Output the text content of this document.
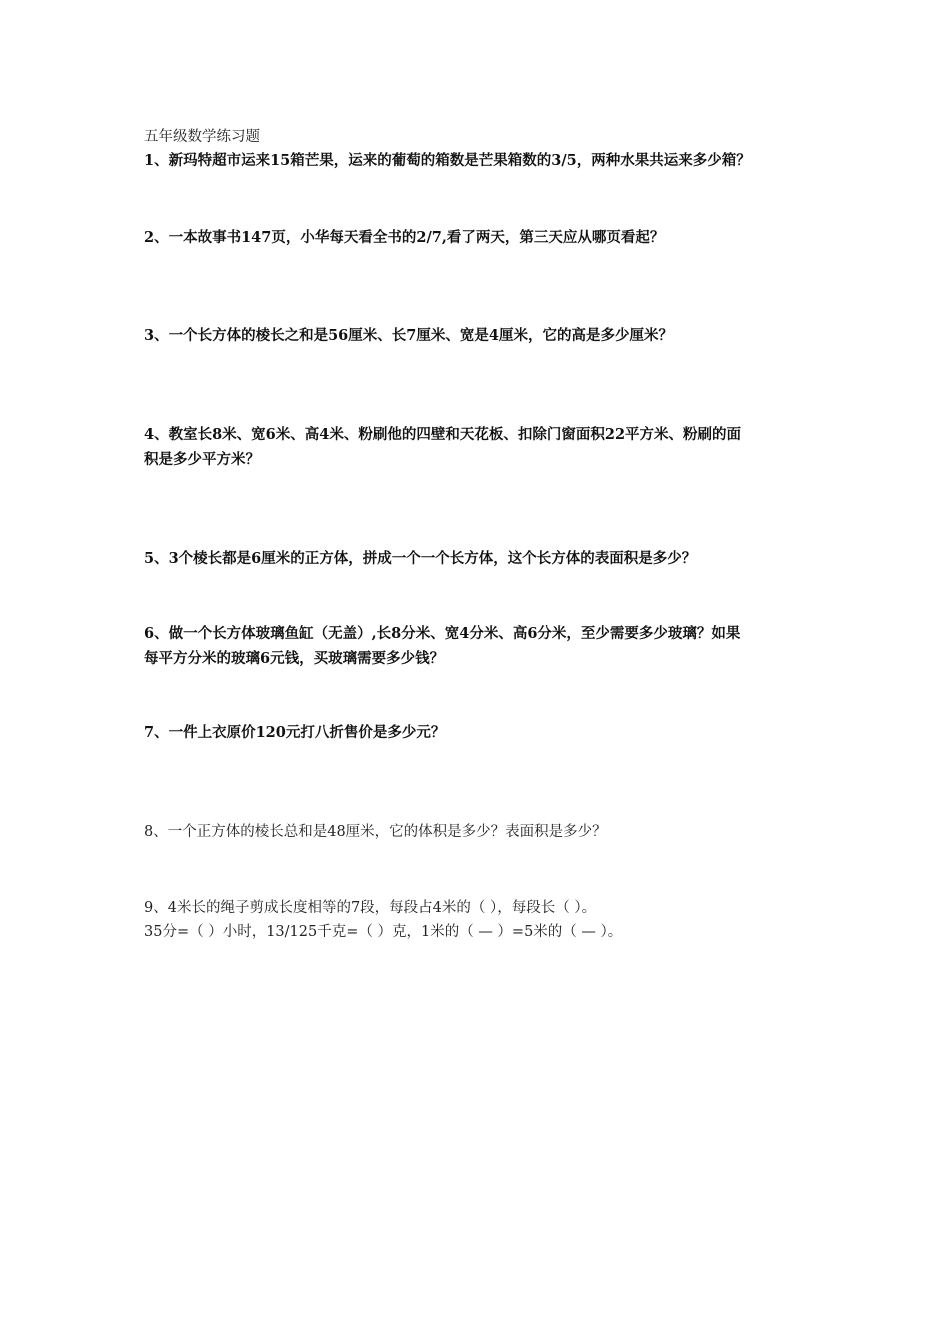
五年级数学练习题
1、新玛特超市运来15箱芒果，运来的葡萄的箱数是芒果箱数的3/5，两种水果共运来多少箱？
2、一本故事书147页，小华每天看全书的2/7,看了两天，第三天应从哪页看起？
3、一个长方体的棱长之和是56厘米、长7厘米、宽是4厘米，它的高是多少厘米？
4、教室长8米、宽6米、高4米、粉刷他的四壁和天花板、扣除门窗面积22平方米、粉刷的面
积是多少平方米？
5、3个棱长都是6厘米的正方体，拼成一个一个长方体，这个长方体的表面积是多少？
6、做一个长方体玻璃鱼缸（无盖）,长8分米、宽4分米、高6分米，至少需要多少玻璃？如果
每平方分米的玻璃6元钱，买玻璃需要多少钱？
7、一件上衣原价120元打八折售价是多少元？
8、一个正方体的棱长总和是48厘米，它的体积是多少？表面积是多少？
9、4米长的绳子剪成长度相等的7段，每段占4米的（ ），每段长（ ）。
35分=（ ）小时，13/125千克=（ ）克，1米的（ — ）=5米的（ — ）。
